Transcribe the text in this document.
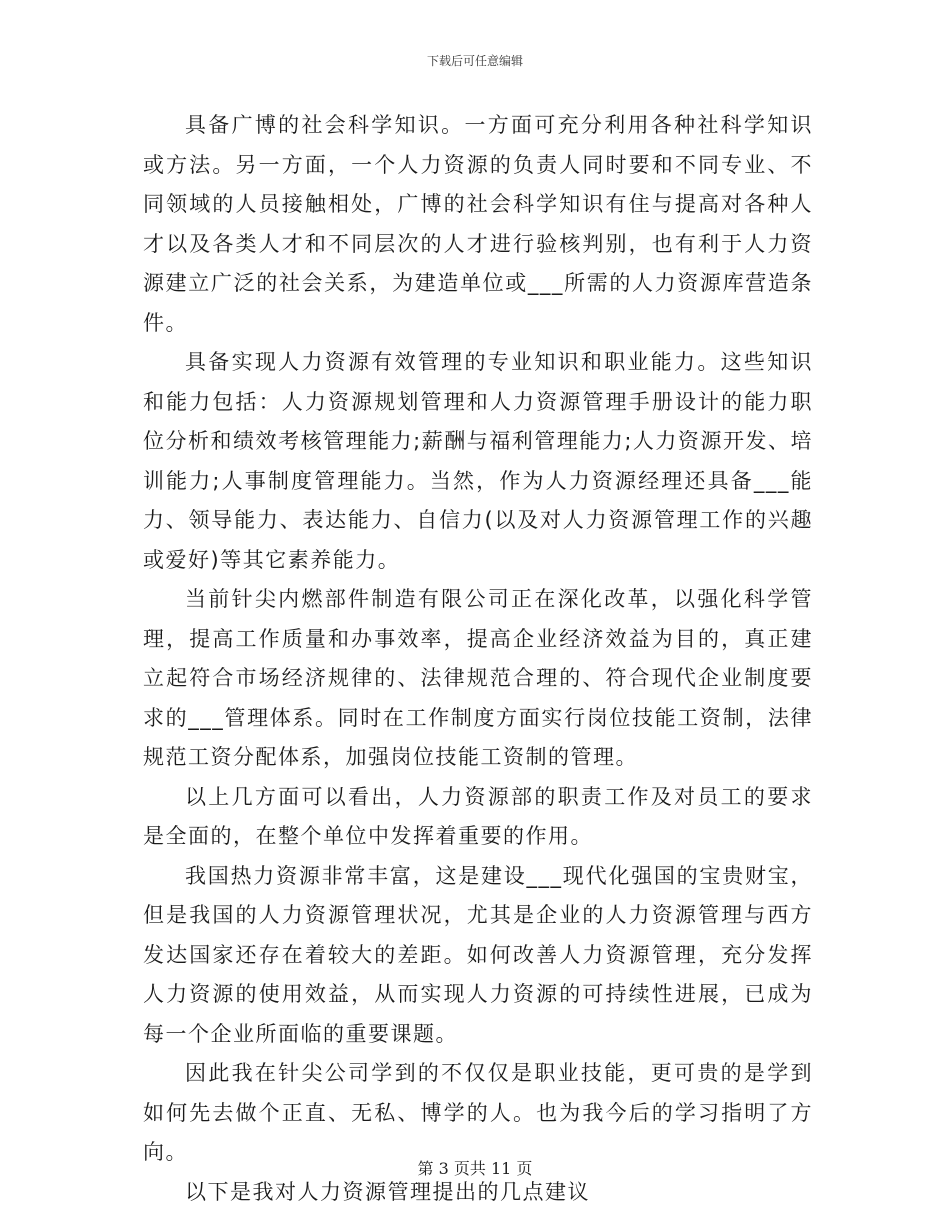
下载后可任意编辑

具备广博的社会科学知识。一方面可充分利用各种社科学知识或方法。另一方面，一个人力资源的负责人同时要和不同专业、不同领域的人员接触相处，广博的社会科学知识有住与提高对各种人才以及各类人才和不同层次的人才进行验核判别，也有利于人力资源建立广泛的社会关系，为建造单位或___所需的人力资源库营造条件。

具备实现人力资源有效管理的专业知识和职业能力。这些知识和能力包括：人力资源规划管理和人力资源管理手册设计的能力职位分析和绩效考核管理能力;薪酬与福利管理能力;人力资源开发、培训能力;人事制度管理能力。当然，作为人力资源经理还具备___能力、领导能力、表达能力、自信力(以及对人力资源管理工作的兴趣或爱好)等其它素养能力。

当前针尖内燃部件制造有限公司正在深化改革，以强化科学管理，提高工作质量和办事效率，提高企业经济效益为目的，真正建立起符合市场经济规律的、法律规范合理的、符合现代企业制度要求的___管理体系。同时在工作制度方面实行岗位技能工资制，法律规范工资分配体系，加强岗位技能工资制的管理。

以上几方面可以看出，人力资源部的职责工作及对员工的要求是全面的，在整个单位中发挥着重要的作用。

我国热力资源非常丰富，这是建设___现代化强国的宝贵财宝，但是我国的人力资源管理状况，尤其是企业的人力资源管理与西方发达国家还存在着较大的差距。如何改善人力资源管理，充分发挥人力资源的使用效益，从而实现人力资源的可持续性进展，已成为每一个企业所面临的重要课题。

因此我在针尖公司学到的不仅仅是职业技能，更可贵的是学到如何先去做个正直、无私、博学的人。也为我今后的学习指明了方向。

以下是我对人力资源管理提出的几点建议

第 3 页共 11 页
